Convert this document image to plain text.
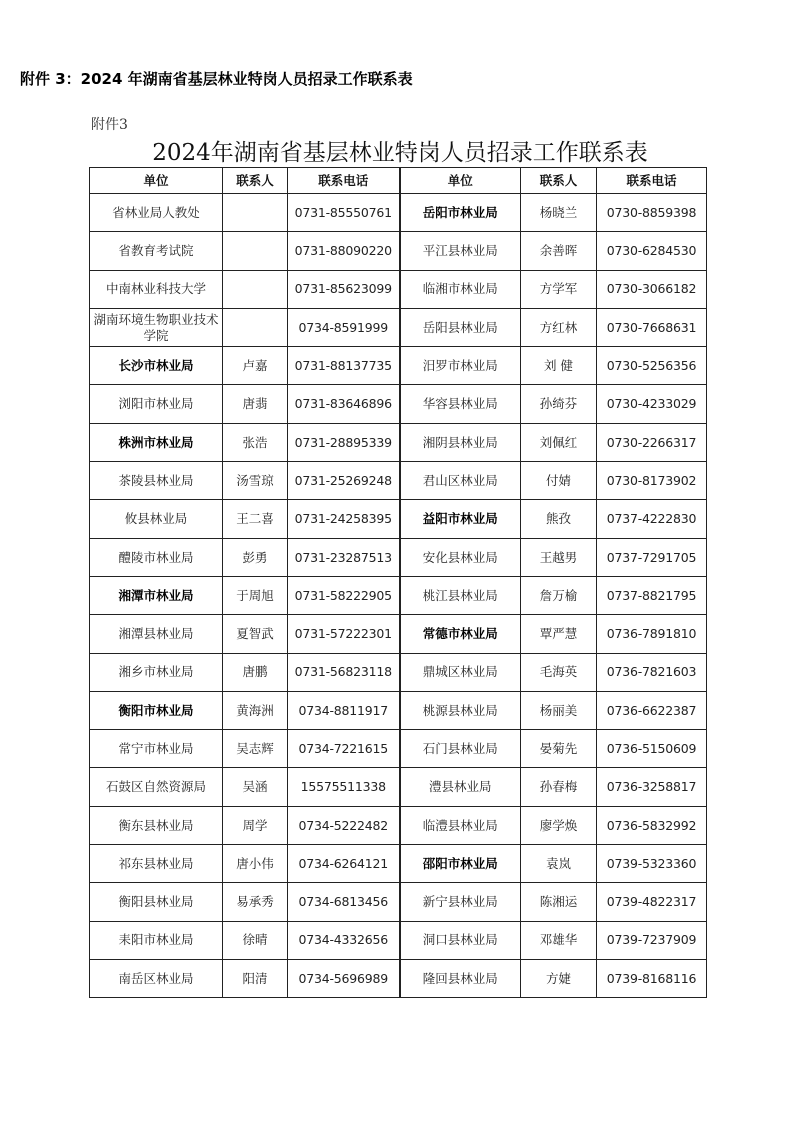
附件 3：2024 年湖南省基层林业特岗人员招录工作联系表
附件3
2024年湖南省基层林业特岗人员招录工作联系表
单位	联系人	联系电话	单位	联系人	联系电话
省林业局人教处		0731-85550761	岳阳市林业局	杨晓兰	0730-8859398
省教育考试院		0731-88090220	平江县林业局	余善晖	0730-6284530
中南林业科技大学		0731-85623099	临湘市林业局	方学军	0730-3066182
湖南环境生物职业技术学院		0734-8591999	岳阳县林业局	方红林	0730-7668631
长沙市林业局	卢嘉	0731-88137735	汨罗市林业局	刘 健	0730-5256356
浏阳市林业局	唐翡	0731-83646896	华容县林业局	孙绮芬	0730-4233029
株洲市林业局	张浩	0731-28895339	湘阴县林业局	刘佩红	0730-2266317
茶陵县林业局	汤雪琼	0731-25269248	君山区林业局	付婧	0730-8173902
攸县林业局	王二喜	0731-24258395	益阳市林业局	熊孜	0737-4222830
醴陵市林业局	彭勇	0731-23287513	安化县林业局	王越男	0737-7291705
湘潭市林业局	于周旭	0731-58222905	桃江县林业局	詹万榆	0737-8821795
湘潭县林业局	夏智武	0731-57222301	常德市林业局	覃严慧	0736-7891810
湘乡市林业局	唐鹏	0731-56823118	鼎城区林业局	毛海英	0736-7821603
衡阳市林业局	黄海洲	0734-8811917	桃源县林业局	杨丽美	0736-6622387
常宁市林业局	吴志辉	0734-7221615	石门县林业局	晏菊先	0736-5150609
石鼓区自然资源局	吴涵	15575511338	澧县林业局	孙春梅	0736-3258817
衡东县林业局	周学	0734-5222482	临澧县林业局	廖学焕	0736-5832992
祁东县林业局	唐小伟	0734-6264121	邵阳市林业局	袁岚	0739-5323360
衡阳县林业局	易承秀	0734-6813456	新宁县林业局	陈湘运	0739-4822317
耒阳市林业局	徐晴	0734-4332656	洞口县林业局	邓雄华	0739-7237909
南岳区林业局	阳清	0734-5696989	隆回县林业局	方婕	0739-8168116
